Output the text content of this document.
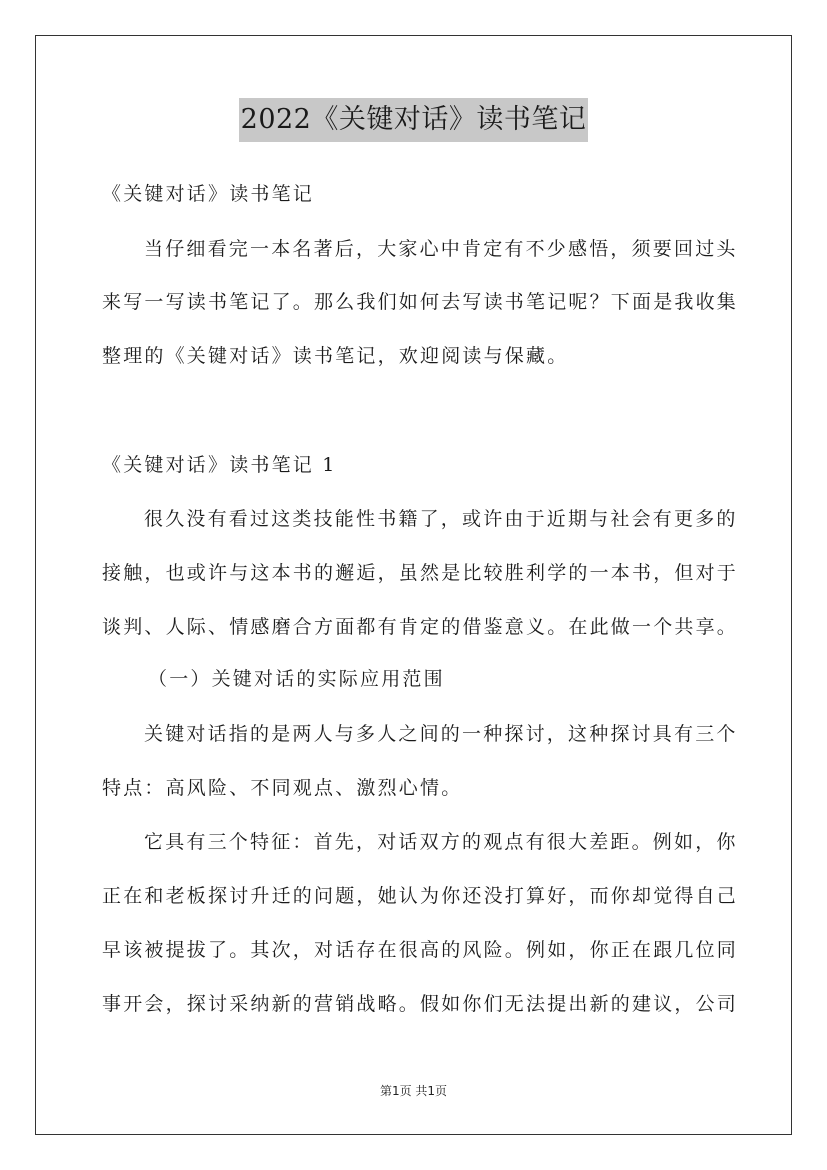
2022《关键对话》读书笔记
《关键对话》读书笔记
当仔细看完一本名著后，大家心中肯定有不少感悟，须要回过头
来写一写读书笔记了。那么我们如何去写读书笔记呢？下面是我收集
整理的《关键对话》读书笔记，欢迎阅读与保藏。
《关键对话》读书笔记 1
很久没有看过这类技能性书籍了，或许由于近期与社会有更多的
接触，也或许与这本书的邂逅，虽然是比较胜利学的一本书，但对于
谈判、人际、情感磨合方面都有肯定的借鉴意义。在此做一个共享。
（一）关键对话的实际应用范围
关键对话指的是两人与多人之间的一种探讨，这种探讨具有三个
特点：高风险、不同观点、激烈心情。
它具有三个特征：首先，对话双方的观点有很大差距。例如，你
正在和老板探讨升迁的问题，她认为你还没打算好，而你却觉得自己
早该被提拔了。其次，对话存在很高的风险。例如，你正在跟几位同
事开会，探讨采纳新的营销战略。假如你们无法提出新的建议，公司
第1页 共1页
